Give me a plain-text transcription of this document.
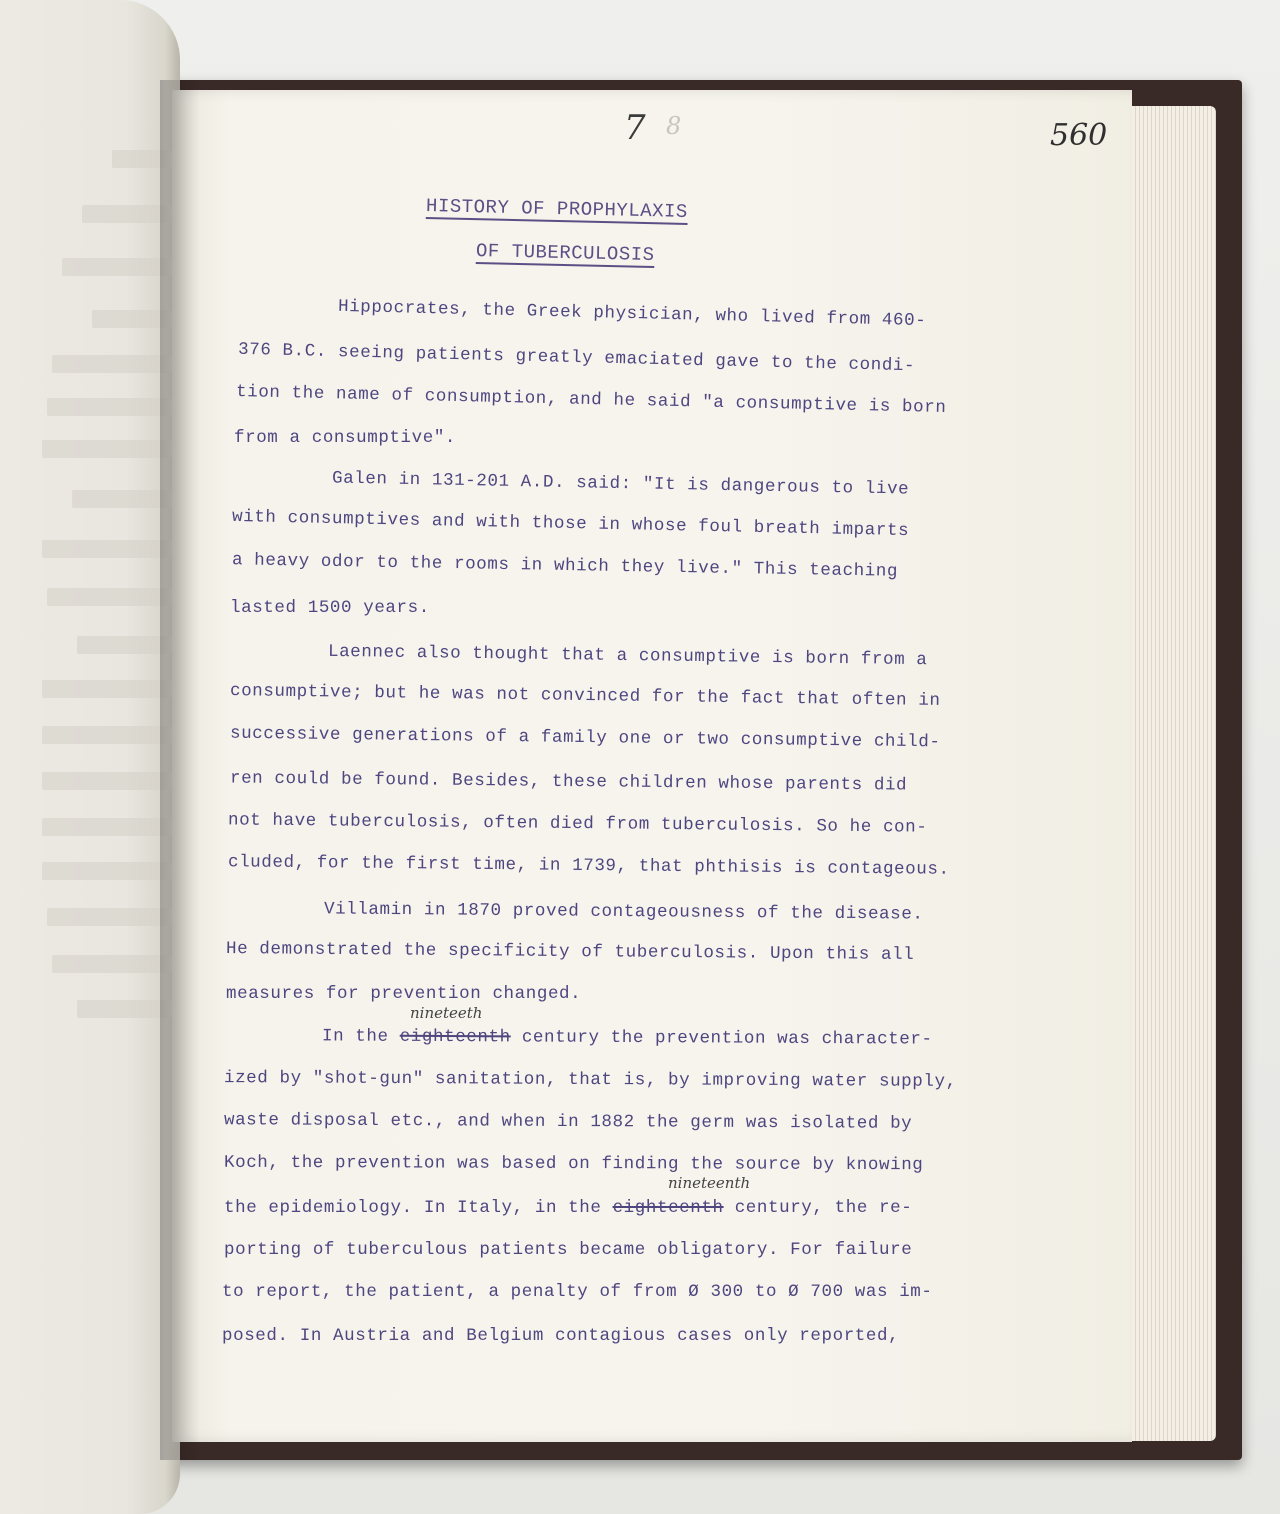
7 8	560
HISTORY OF PROPHYLAXIS
OF TUBERCULOSIS
Hippocrates, the Greek physician, who lived from 460-
376 B.C. seeing patients greatly emaciated gave to the condi-
tion the name of consumption, and he said "a consumptive is born
from a consumptive".
Galen in 131-201 A.D. said: "It is dangerous to live
with consumptives and with those in whose foul breath imparts
a heavy odor to the rooms in which they live." This teaching
lasted 1500 years.
Laennec also thought that a consumptive is born from a
consumptive; but he was not convinced for the fact that often in
successive generations of a family one or two consumptive child-
ren could be found. Besides, these children whose parents did
not have tuberculosis, often died from tuberculosis. So he con-
cluded, for the first time, in 1739, that phthisis is contageous.
Villamin in 1870 proved contageousness of the disease.
He demonstrated the specificity of tuberculosis. Upon this all
measures for prevention changed.
nineteeth
In the eighteenth century the prevention was character-
ized by "shot-gun" sanitation, that is, by improving water supply,
waste disposal etc., and when in 1882 the germ was isolated by
Koch, the prevention was based on finding the source by knowing
nineteenth
the epidemiology. In Italy, in the eighteenth century, the re-
porting of tuberculous patients became obligatory. For failure
to report, the patient, a penalty of from Ø 300 to Ø 700 was im-
posed. In Austria and Belgium contagious cases only reported,
